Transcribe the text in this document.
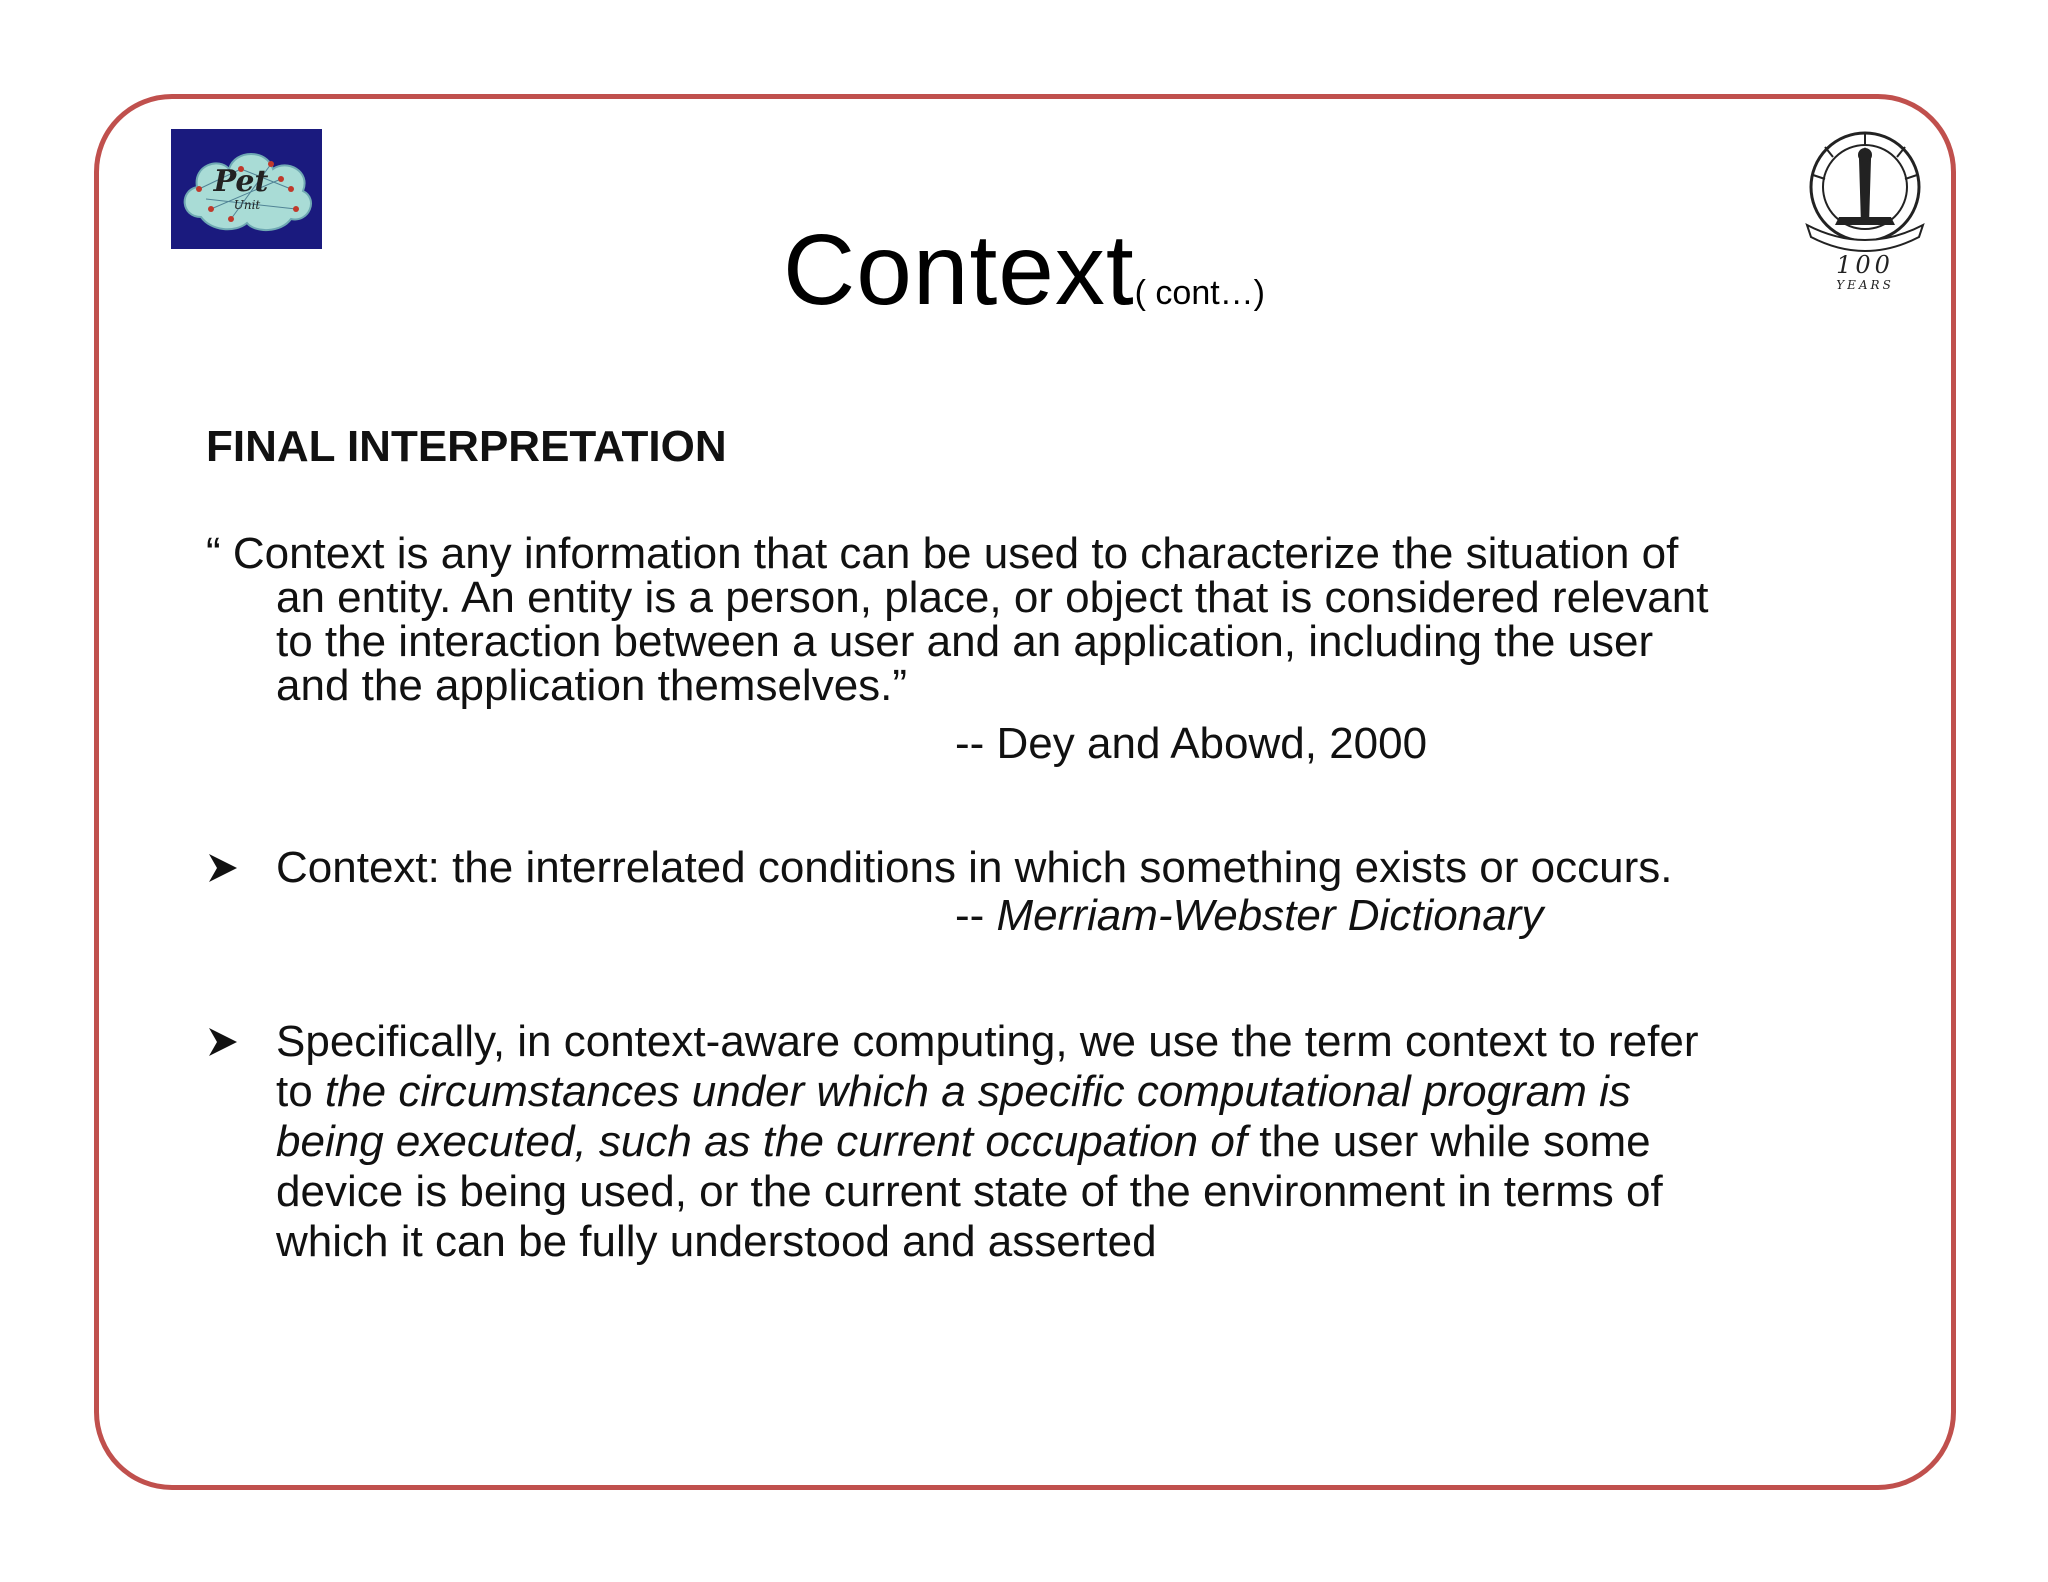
Pet
Unit
100
YEARS
Context( cont…)
FINAL INTERPRETATION
“ Context is any information that can be used to characterize the situation of
an entity. An entity is a person, place, or object that is considered relevant
to the interaction between a user and an application, including the user
and the application themselves.”
-- Dey and Abowd, 2000
Context: the interrelated conditions in which something exists or occurs.
-- Merriam-Webster Dictionary
Specifically, in context-aware computing, we use the term context to refer
to the circumstances under which a specific computational program is
being executed, such as the current occupation of the user while some
device is being used, or the current state of the environment in terms of
which it can be fully understood and asserted
